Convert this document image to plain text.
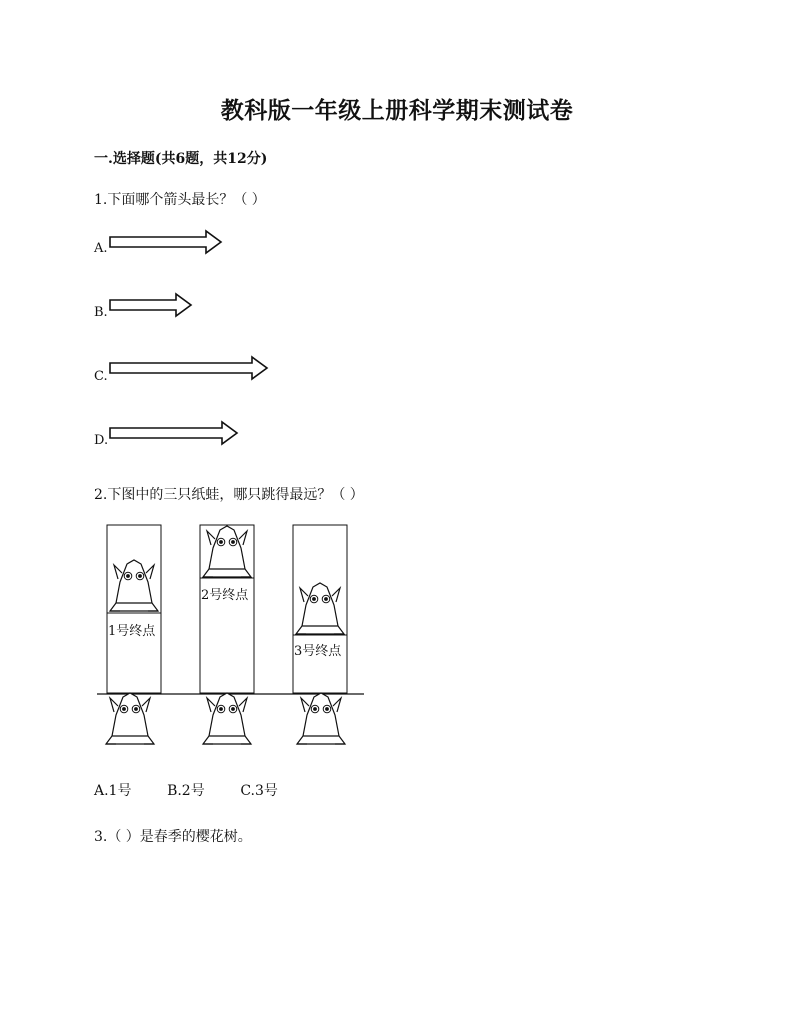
教科版一年级上册科学期末测试卷
一.选择题(共6题，共12分)
1.下面哪个箭头最长？（ ）
A.
B.
C.
D.
2.下图中的三只纸蛙，哪只跳得最远？（ ）
1号终点
2号终点
3号终点
A.1号        B.2号        C.3号
3.（ ）是春季的樱花树。
